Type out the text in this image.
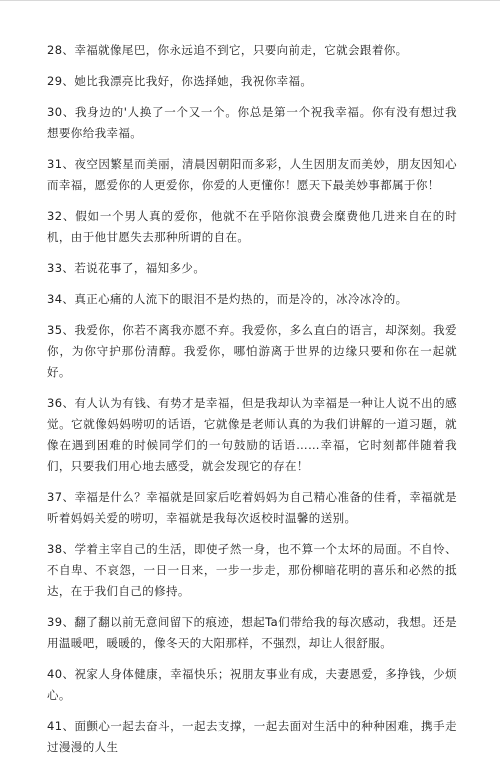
28、幸福就像尾巴，你永远追不到它，只要向前走，它就会跟着你。

29、她比我漂亮比我好，你选择她，我祝你幸福。

30、我身边的'人换了一个又一个。你总是第一个祝我幸福。你有没有想过我想要你给我幸福。

31、夜空因繁星而美丽，清晨因朝阳而多彩，人生因朋友而美妙，朋友因知心而幸福，愿爱你的人更爱你，你爱的人更懂你！愿天下最美妙事都属于你！

32、假如一个男人真的爱你，他就不在乎陪你浪费会糜费他几进来自在的时机，由于他甘愿失去那种所谓的自在。

33、若说花事了，福知多少。

34、真正心痛的人流下的眼泪不是灼热的，而是冷的，冰冷冰冷的。

35、我爱你，你若不离我亦愿不弃。我爱你，多么直白的语言，却深刻。我爱你，为你守护那份清醇。我爱你，哪怕游离于世界的边缘只要和你在一起就好。

36、有人认为有钱、有势才是幸福，但是我却认为幸福是一种让人说不出的感觉。它就像妈妈唠叨的话语，它就像是老师认真的为我们讲解的一道习题，就像在遇到困难的时候同学们的一句鼓励的话语……幸福，它时刻都伴随着我们，只要我们用心地去感受，就会发现它的存在！

37、幸福是什么？幸福就是回家后吃着妈妈为自己精心准备的佳肴，幸福就是听着妈妈关爱的唠叨，幸福就是我每次返校时温馨的送别。

38、学着主宰自己的生活，即使孑然一身，也不算一个太坏的局面。不自怜、不自卑、不哀怨，一日一日来，一步一步走，那份柳暗花明的喜乐和必然的抵达，在于我们自己的修持。

39、翻了翻以前无意间留下的痕迹，想起Ta们带给我的每次感动，我想。还是用温暖吧，暖暖的，像冬天的大阳那样，不强烈，却让人很舒服。

40、祝家人身体健康，幸福快乐；祝朋友事业有成，夫妻恩爱，多挣钱，少烦心。

41、面颤心一起去奋斗，一起去支撑，一起去面对生活中的种种困难，携手走过漫漫的人生
